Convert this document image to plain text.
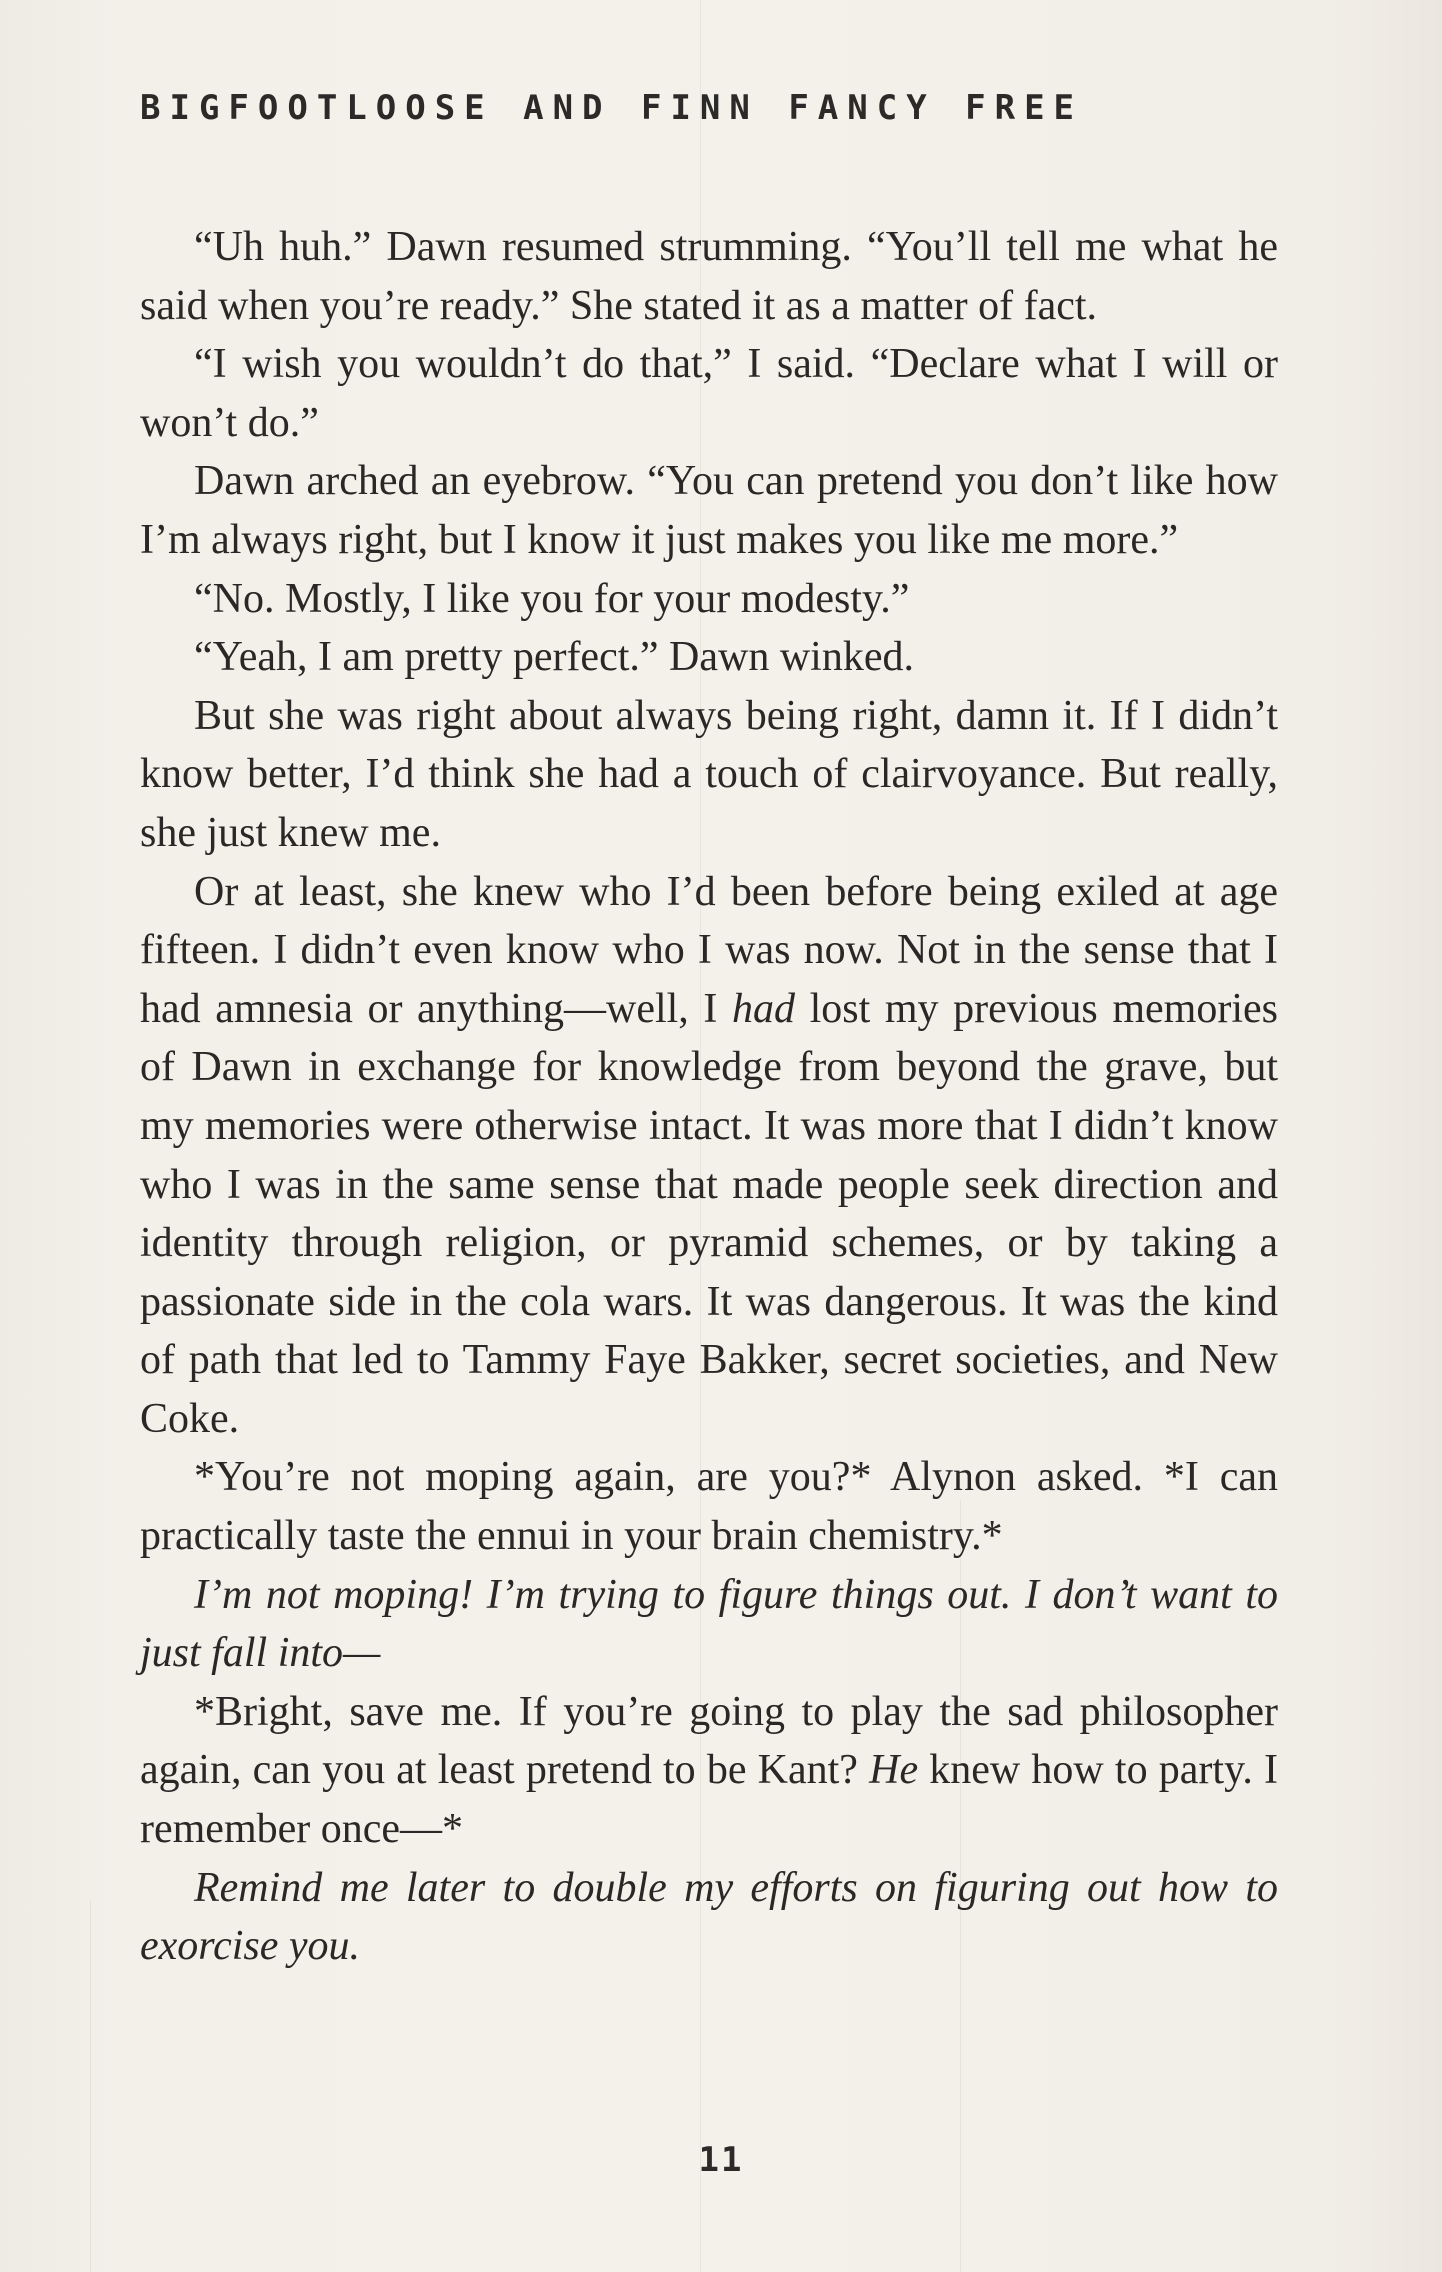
BIGFOOTLOOSE AND FINN FANCY FREE

“Uh huh.” Dawn resumed strumming. “You’ll tell me what he said when you’re ready.” She stated it as a matter of fact.

“I wish you wouldn’t do that,” I said. “Declare what I will or won’t do.”

Dawn arched an eyebrow. “You can pretend you don’t like how I’m always right, but I know it just makes you like me more.”

“No. Mostly, I like you for your modesty.”

“Yeah, I am pretty perfect.” Dawn winked.

But she was right about always being right, damn it. If I didn’t know better, I’d think she had a touch of clairvoyance. But really, she just knew me.

Or at least, she knew who I’d been before being exiled at age fifteen. I didn’t even know who I was now. Not in the sense that I had amnesia or anything—well, I had lost my previous memories of Dawn in exchange for knowledge from beyond the grave, but my memories were otherwise intact. It was more that I didn’t know who I was in the same sense that made people seek direction and identity through religion, or pyramid schemes, or by taking a passionate side in the cola wars. It was dangerous. It was the kind of path that led to Tammy Faye Bakker, secret societies, and New Coke.

*You’re not moping again, are you?* Alynon asked. *I can practically taste the ennui in your brain chemistry.*

I’m not moping! I’m trying to figure things out. I don’t want to just fall into—

*Bright, save me. If you’re going to play the sad philosopher again, can you at least pretend to be Kant? He knew how to party. I remember once—*

Remind me later to double my efforts on figuring out how to exorcise you.

11
